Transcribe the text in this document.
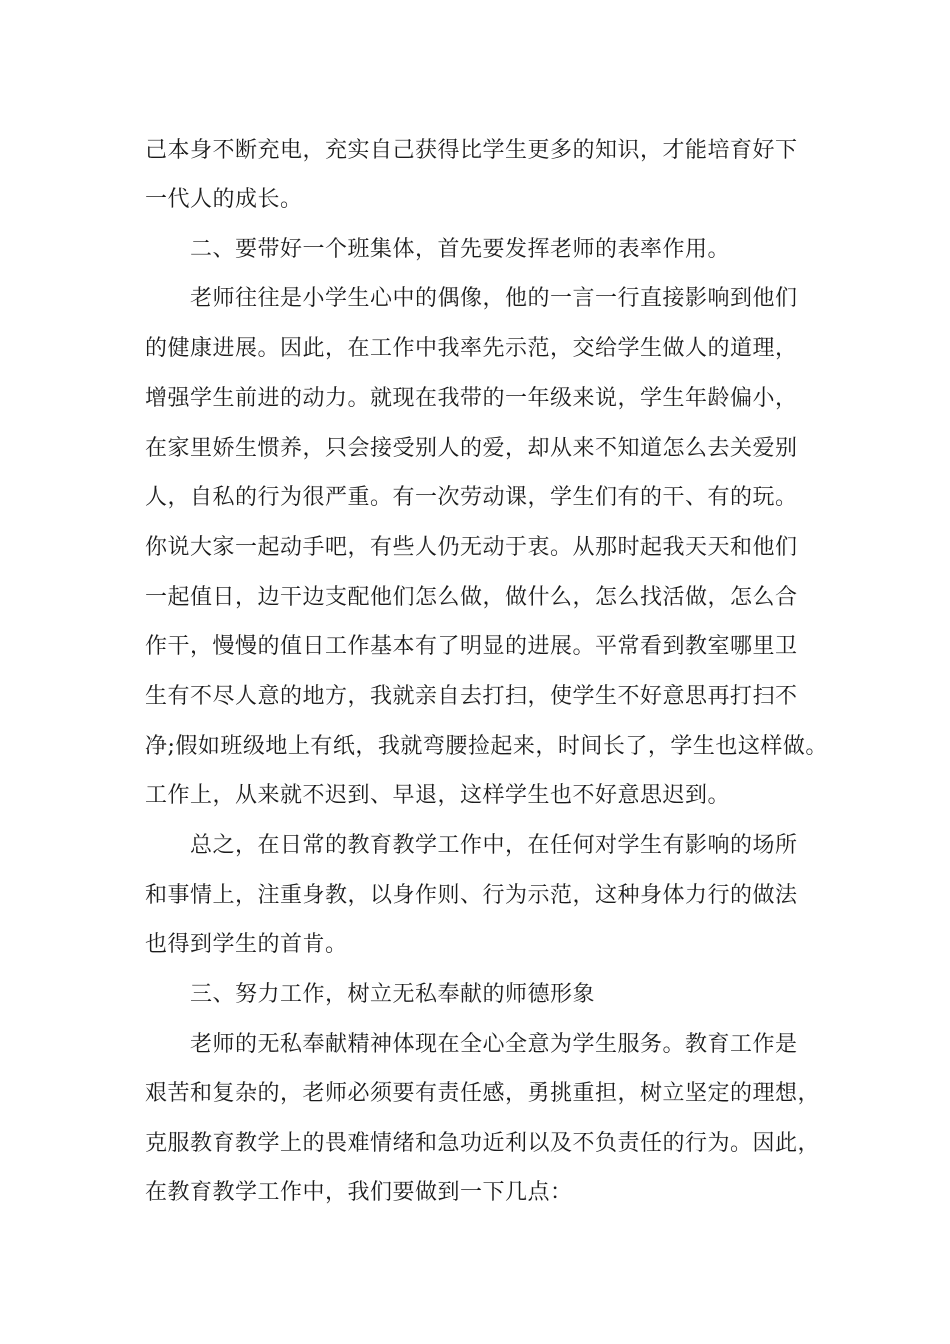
己本身不断充电，充实自己获得比学生更多的知识，才能培育好下
一代人的成长。
二、要带好一个班集体，首先要发挥老师的表率作用。
老师往往是小学生心中的偶像，他的一言一行直接影响到他们
的健康进展。因此，在工作中我率先示范，交给学生做人的道理，
增强学生前进的动力。就现在我带的一年级来说，学生年龄偏小，
在家里娇生惯养，只会接受别人的爱，却从来不知道怎么去关爱别
人，自私的行为很严重。有一次劳动课，学生们有的干、有的玩。
你说大家一起动手吧，有些人仍无动于衷。从那时起我天天和他们
一起值日，边干边支配他们怎么做，做什么，怎么找活做，怎么合
作干，慢慢的值日工作基本有了明显的进展。平常看到教室哪里卫
生有不尽人意的地方，我就亲自去打扫，使学生不好意思再打扫不
净;假如班级地上有纸，我就弯腰捡起来，时间长了，学生也这样做。
工作上，从来就不迟到、早退，这样学生也不好意思迟到。
总之，在日常的教育教学工作中，在任何对学生有影响的场所
和事情上，注重身教，以身作则、行为示范，这种身体力行的做法
也得到学生的首肯。
三、努力工作，树立无私奉献的师德形象
老师的无私奉献精神体现在全心全意为学生服务。教育工作是
艰苦和复杂的，老师必须要有责任感，勇挑重担，树立坚定的理想，
克服教育教学上的畏难情绪和急功近利以及不负责任的行为。因此，
在教育教学工作中，我们要做到一下几点：
